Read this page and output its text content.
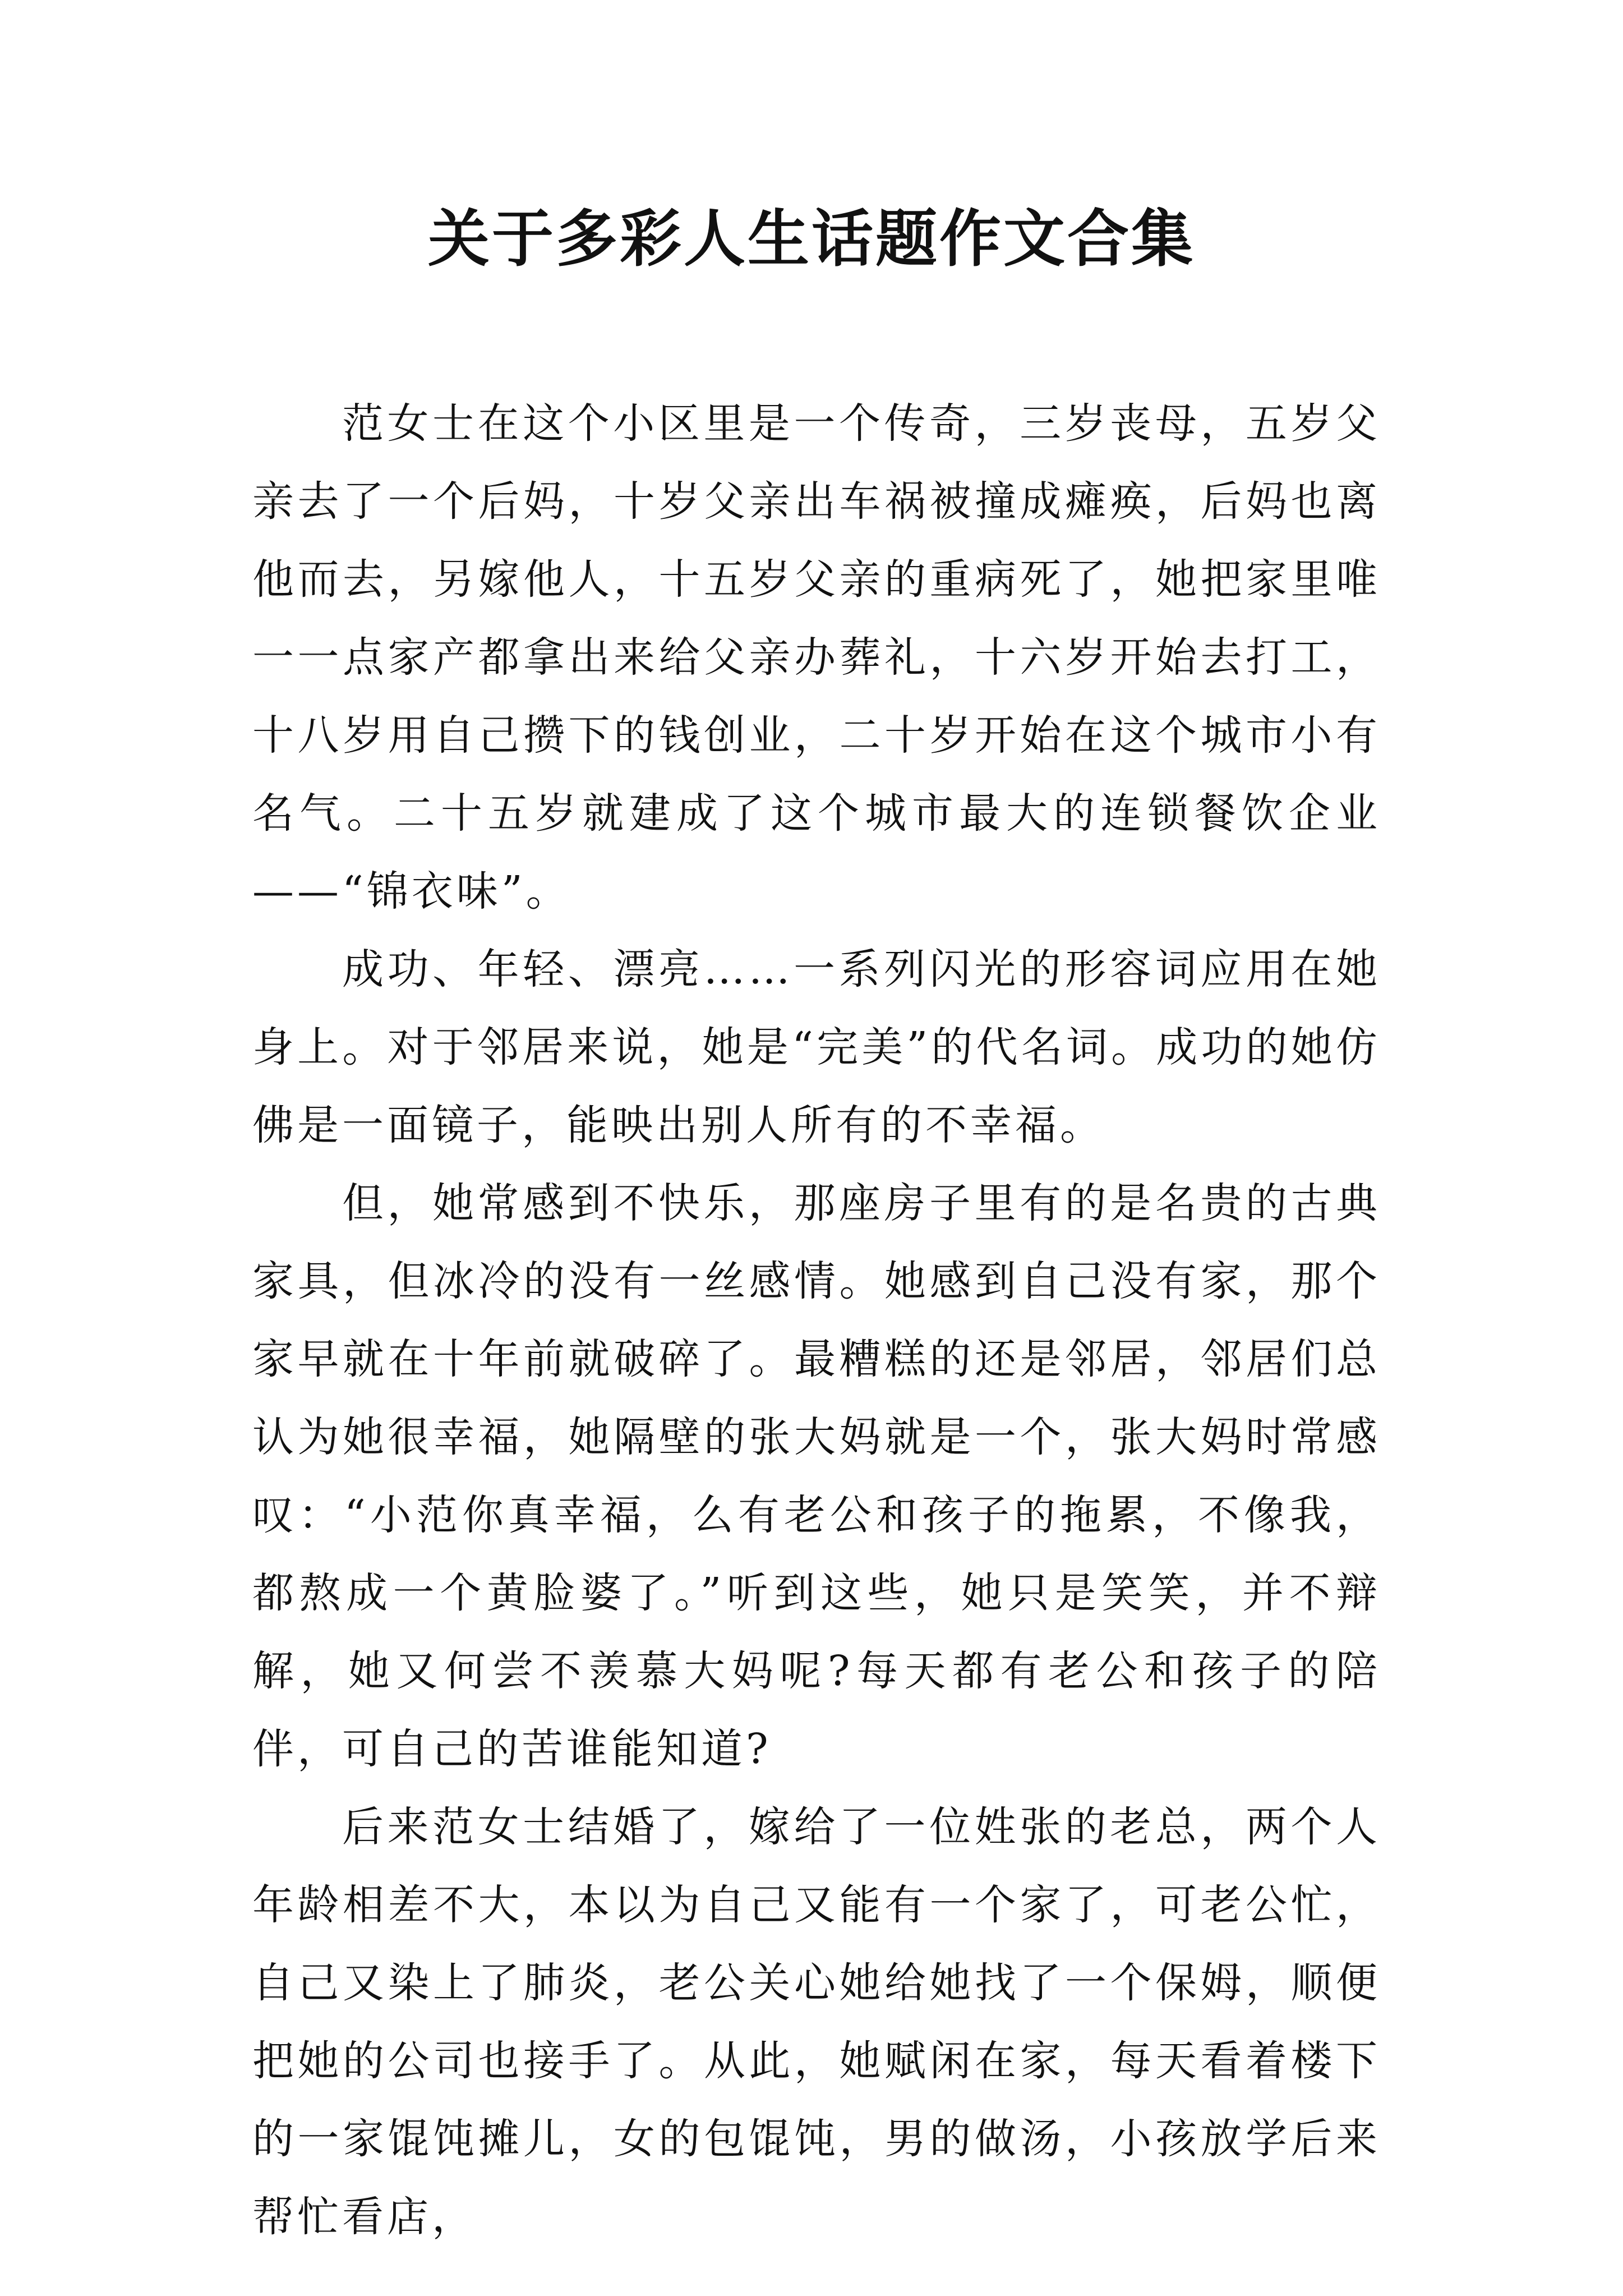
关于多彩人生话题作文合集

范女士在这个小区里是一个传奇，三岁丧母，五岁父亲去了一个后妈，十岁父亲出车祸被撞成瘫痪，后妈也离他而去，另嫁他人，十五岁父亲的重病死了，她把家里唯一一点家产都拿出来给父亲办葬礼，十六岁开始去打工，十八岁用自己攒下的钱创业，二十岁开始在这个城市小有名气。二十五岁就建成了这个城市最大的连锁餐饮企业——“锦衣味”。

成功、年轻、漂亮……一系列闪光的形容词应用在她身上。对于邻居来说，她是“完美”的代名词。成功的她仿佛是一面镜子，能映出别人所有的不幸福。

但，她常感到不快乐，那座房子里有的是名贵的古典家具，但冰冷的没有一丝感情。她感到自己没有家，那个家早就在十年前就破碎了。最糟糕的还是邻居，邻居们总认为她很幸福，她隔壁的张大妈就是一个，张大妈时常感叹：“小范你真幸福，么有老公和孩子的拖累，不像我，都熬成一个黄脸婆了。”听到这些，她只是笑笑，并不辩解，她又何尝不羡慕大妈呢?每天都有老公和孩子的陪伴，可自己的苦谁能知道?

后来范女士结婚了，嫁给了一位姓张的老总，两个人年龄相差不大，本以为自己又能有一个家了，可老公忙，自己又染上了肺炎，老公关心她给她找了一个保姆，顺便把她的公司也接手了。从此，她赋闲在家，每天看着楼下的一家馄饨摊儿，女的包馄饨，男的做汤，小孩放学后来帮忙看店，
